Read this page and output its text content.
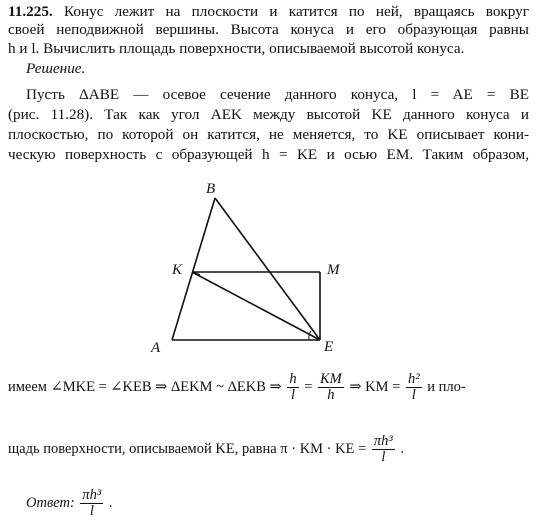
11.225. Конус лежит на плоскости и катится по ней, вращаясь вокруг
своей неподвижной вершины. Высота конуса и его образующая равны
h и l. Вычислить площадь поверхности, описываемой высотой конуса.
Решение.
Пусть ΔABE — осевое сечение данного конуса, l = AE = BE
(рис. 11.28). Так как угол AEK между высотой KE данного конуса и
плоскостью, по которой он катится, не меняется, то KE описывает кони-
ческую поверхность с образующей h = KE и осью EM. Таким образом,
A
B
K	M
E
имеем ∠MKE = ∠KEB ⇒ ΔEKM ~ ΔEKB ⇒ $\frac{h}{l} = \frac{KM}{h}$ ⇒ KM = $\frac{\text{h²}}{l}$ и пло-
щадь поверхности, описываемой KE, равна π · KM · KE = $\frac{\text{πh³}}{l}$ .
Ответ: $\frac{\text{πh³}}{l}$ .
